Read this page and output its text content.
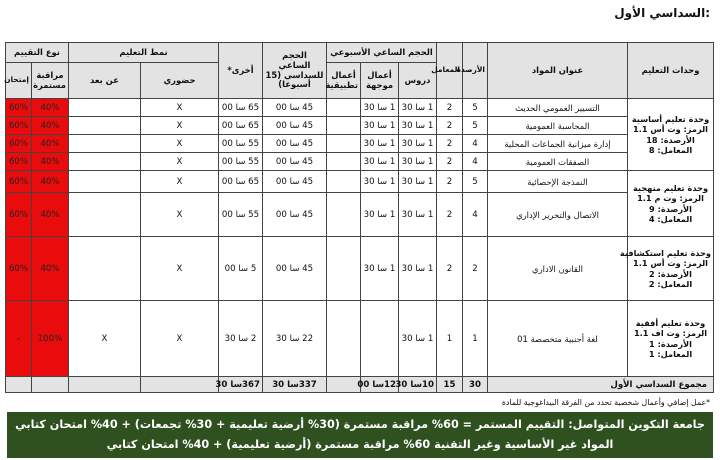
السداسي الأول:
وحدات التعليم	عنوان المواد	الأرصدة	المعامل	الحجم الساعي الأسبوعي			الحجم الساعي للسداسي (15 أسبوعا)	أخرى*	نمط التعليم		نوع التقييم	
				دروس	أعمال موجهة	أعمال تطبيقية			حضوري	عن بعد	مراقبة مستمرة	إمتحان

وحدة تعليم أساسية
الرمز: وت أس 1.1
الأرصدة: 18
المعامل: 8	التسيير العمومي الحديث	5	2	1 سا 30	1 سا 30		45 سا 00	65 سا 00	X		40%	60%
	المحاسبة العمومية	5	2	1 سا 30	1 سا 30		45 سا 00	65 سا 00	X		40%	60%
	إدارة ميزانية الجماعات المحلية	4	2	1 سا 30	1 سا 30		45 سا 00	55 سا 00	X		40%	60%
	الصفقات العمومية	4	2	1 سا 30	1 سا 30		45 سا 00	55 سا 00	X		40%	60%

وحدة تعليم منهجية
الرمز: وت م 1.1
الأرصدة: 9
المعامل: 4	النمذجة الإحصائية	5	2	1 سا 30	1 سا 30		45 سا 00	65 سا 00	X		40%	60%
	الاتصال والتحرير الإداري	4	2	1 سا 30	1 سا 30		45 سا 00	55 سا 00	X		40%	60%

وحدة تعليم استكشافية
الرمز: وت أس 1.1
الأرصدة: 2
المعامل: 2	القانون الاداري	2	2	1 سا 30	1 سا 30		45 سا 00	5 سا 00	X		40%	60%

وحدة تعليم أفقية
الرمز: وت اف 1.1
الأرصدة: 1
المعامل: 1	لغة أجنبية متخصصة 01	1	1	1 سا 30			22 سا 30	2 سا 30	X	X	100%	-
مجموع السداسي الأول		30	15	10سا 30	12سا 00		337سا 30	367سا 30				
*عمل إضافي وأعمال شخصية تحدد من الفرقة البيداغوجية للمادة
جامعة التكوين المتواصل: التقييم المستمر = 60% مراقبة مستمرة (30% أرضية تعليمية + 30% تجمعات) + 40% امتحان كتابي
المواد غير الأساسية وغير التقنية 60% مراقبة مستمرة (أرضية تعليمية) + 40% امتحان كتابي
